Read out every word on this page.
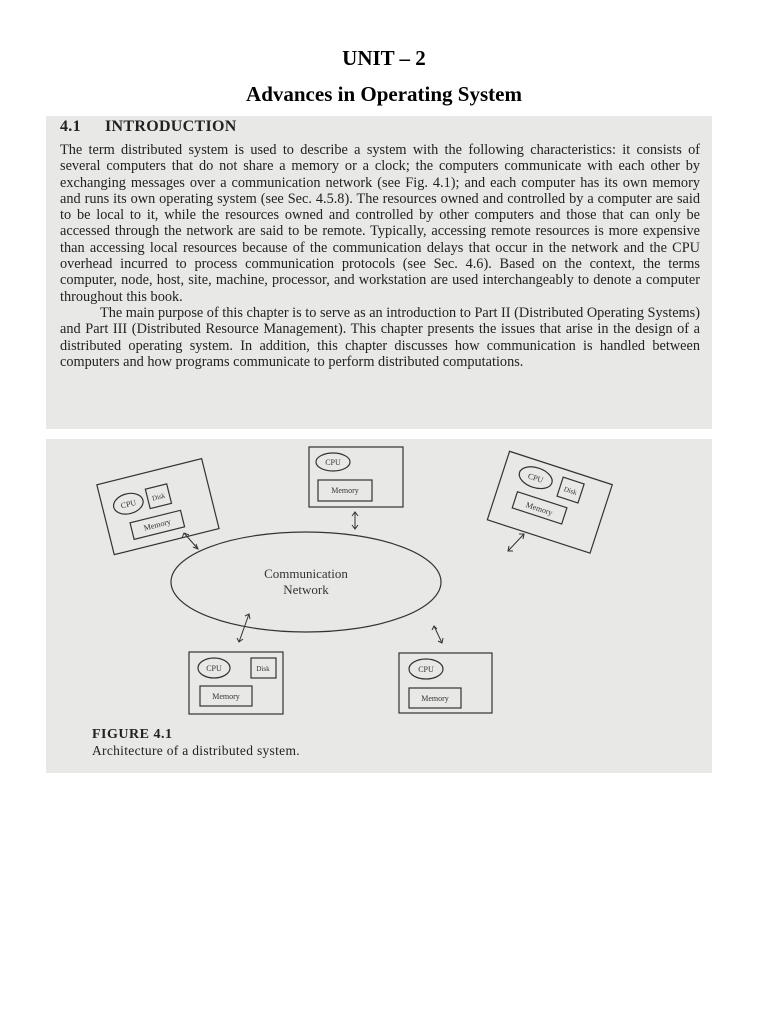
UNIT – 2
Advances in Operating System
4.1 INTRODUCTION

The term distributed system is used to describe a system with the following characteristics: it consists of several computers that do not share a memory or a clock; the computers communicate with each other by exchanging messages over a communication network (see Fig. 4.1); and each computer has its own memory and runs its own operating system (see Sec. 4.5.8). The resources owned and controlled by a computer are said to be local to it, while the resources owned and controlled by other computers and those that can only be accessed through the network are said to be remote. Typically, accessing remote resources is more expensive than accessing local resources because of the communication delays that occur in the network and the CPU overhead incurred to process communication protocols (see Sec. 4.6). Based on the context, the terms computer, node, host, site, machine, processor, and workstation are used interchangeably to denote a computer throughout this book.

The main purpose of this chapter is to serve as an introduction to Part II (Distributed Operating Systems) and Part III (Distributed Resource Management). This chapter presents the issues that arise in the design of a distributed operating system. In addition, this chapter discusses how communication is handled between computers and how programs communicate to perform distributed computations.

Communication
Network
CPU
Disk
Memory
CPU
Memory
CPU
Disk
Memory
CPU	Disk
Memory
CPU
Memory
FIGURE 4.1
Architecture of a distributed system.
